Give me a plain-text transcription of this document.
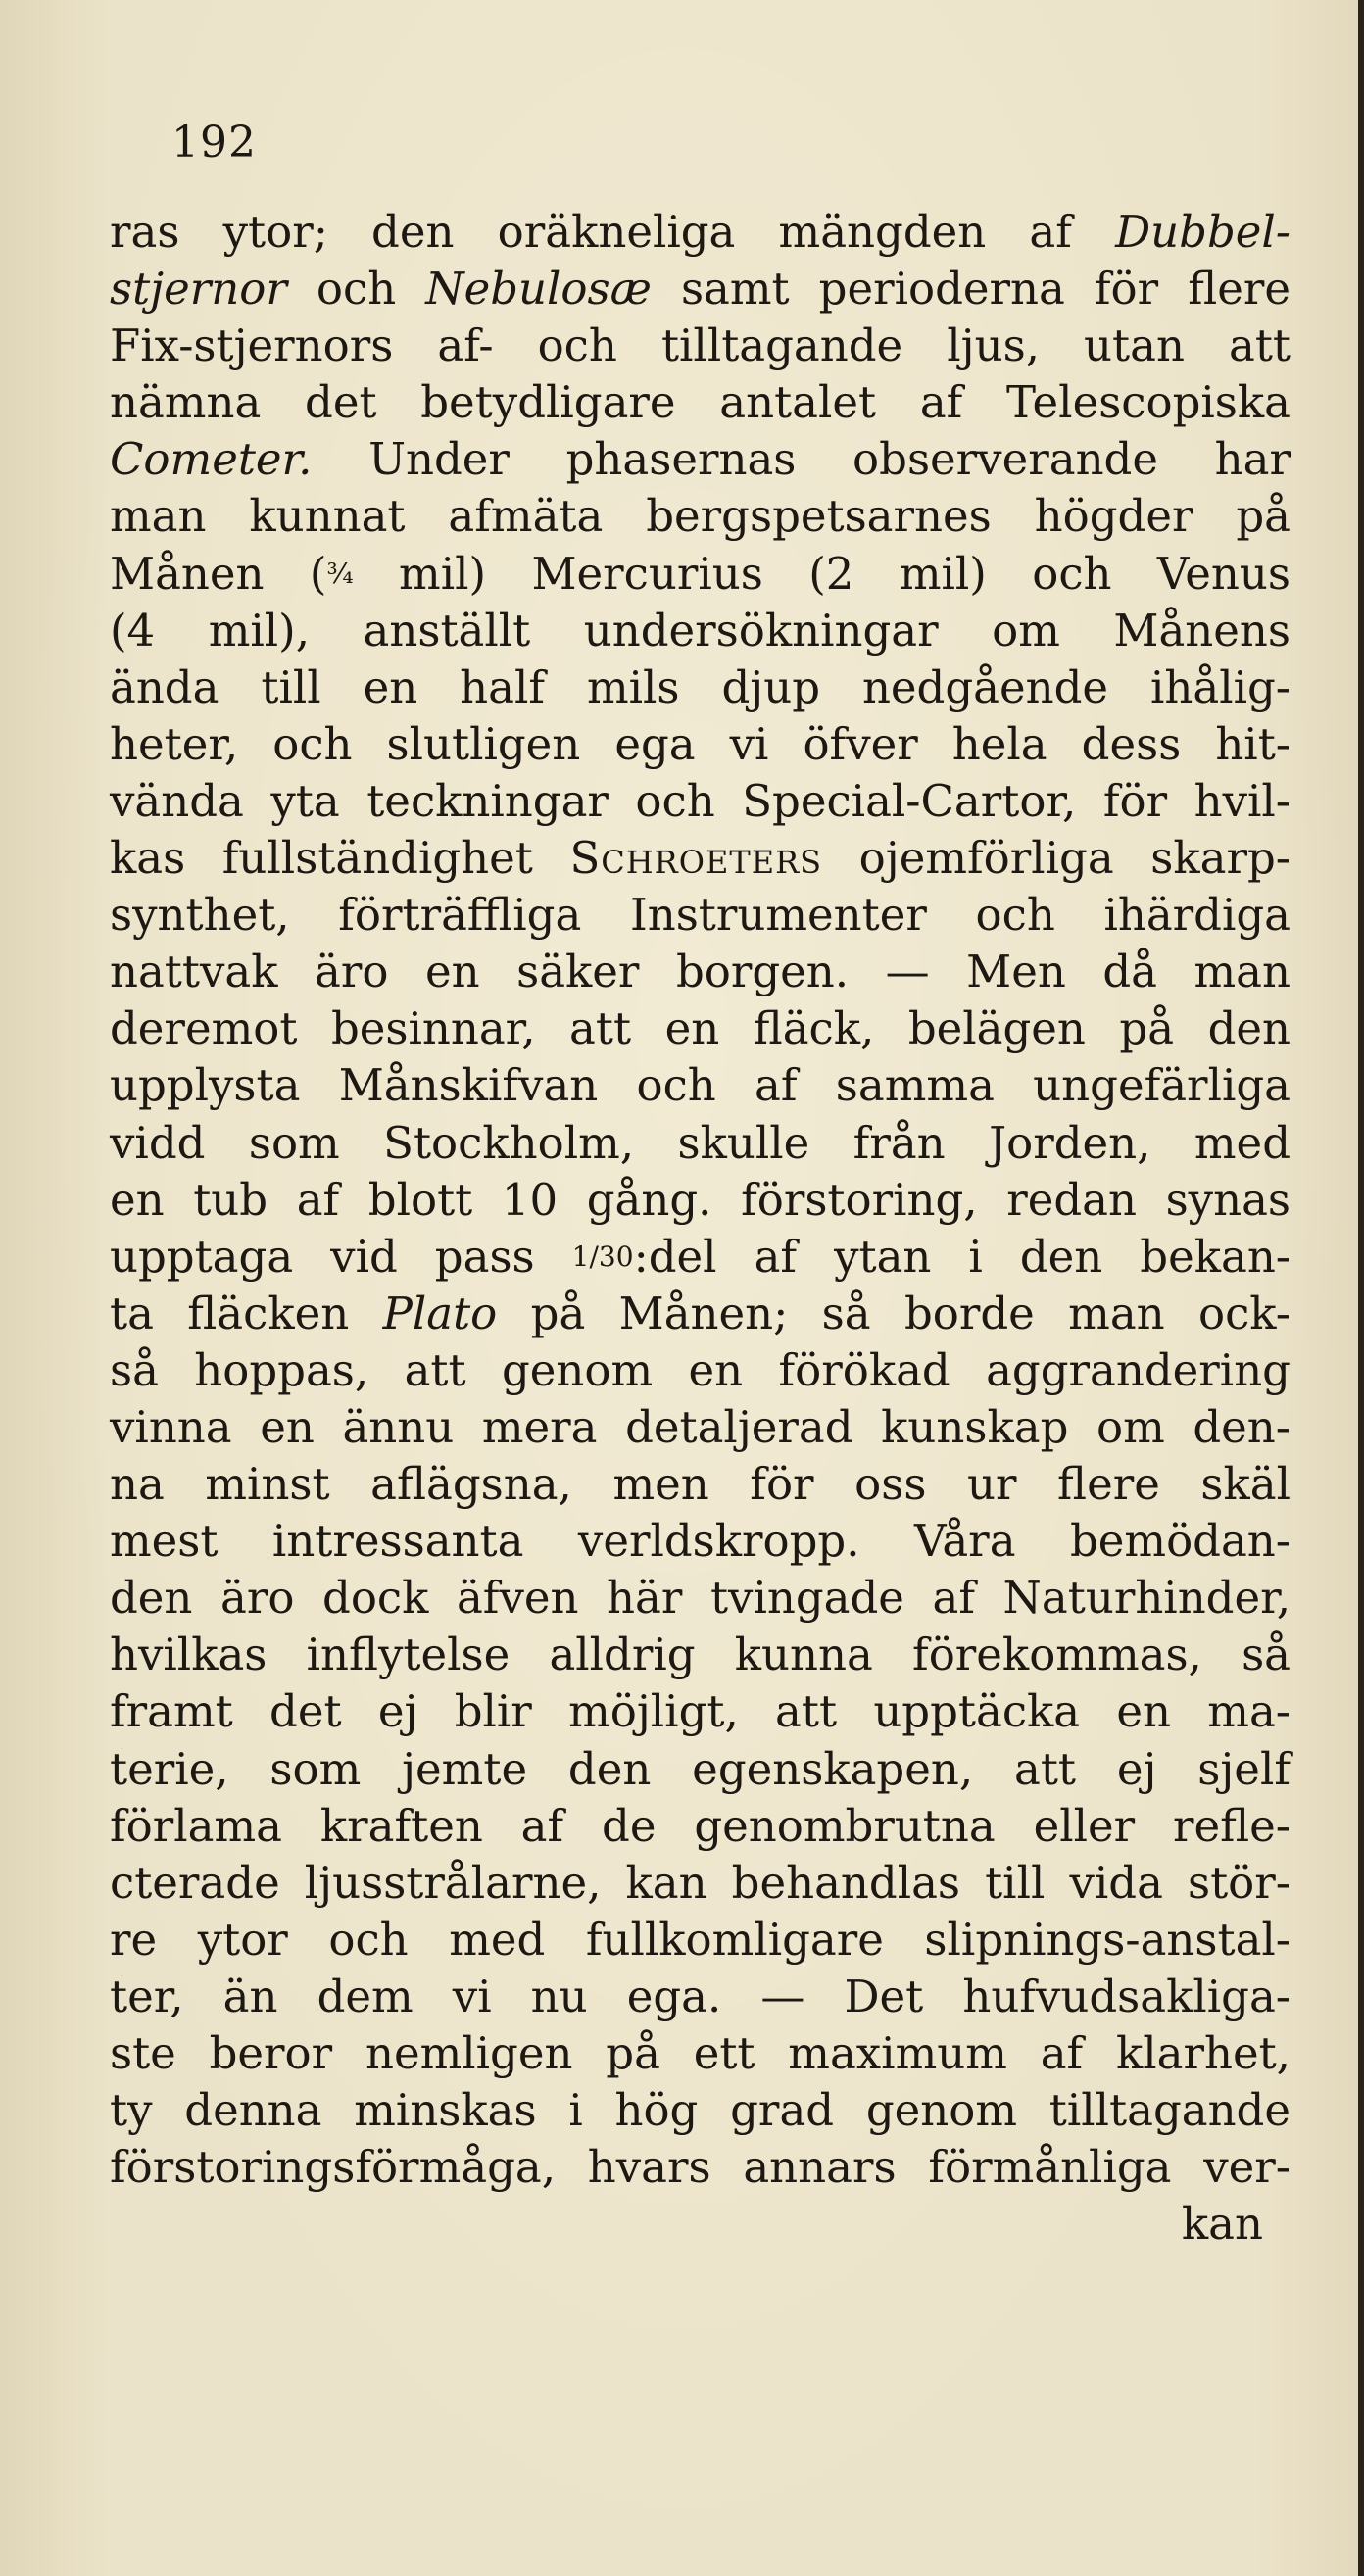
192
ras ytor; den oräkneliga mängden af Dubbel-
stjernor och Nebulosæ samt perioderna för flere
Fix-stjernors af- och tilltagande ljus, utan att
nämna det betydligare antalet af Telescopiska
Cometer. Under phasernas observerande har
man kunnat afmäta bergspetsarnes högder på
Månen (¾ mil) Mercurius (2 mil) och Venus
(4 mil), anställt undersökningar om Månens
ända till en half mils djup nedgående ihålig-
heter, och slutligen ega vi öfver hela dess hit-
vända yta teckningar och Special-Cartor, för hvil-
kas fullständighet Schroeters ojemförliga skarp-
synthet, förträffliga Instrumenter och ihärdiga
nattvak äro en säker borgen. — Men då man
deremot besinnar, att en fläck, belägen på den
upplysta Månskifvan och af samma ungefärliga
vidd som Stockholm, skulle från Jorden, med
en tub af blott 10 gång. förstoring, redan synas
upptaga vid pass 1/30:del af ytan i den bekan-
ta fläcken Plato på Månen; så borde man ock-
så hoppas, att genom en förökad aggrandering
vinna en ännu mera detaljerad kunskap om den-
na minst aflägsna, men för oss ur flere skäl
mest intressanta verldskropp. Våra bemödan-
den äro dock äfven här tvingade af Naturhinder,
hvilkas inflytelse alldrig kunna förekommas, så
framt det ej blir möjligt, att upptäcka en ma-
terie, som jemte den egenskapen, att ej sjelf
förlama kraften af de genombrutna eller refle-
cterade ljusstrålarne, kan behandlas till vida stör-
re ytor och med fullkomligare slipnings-anstal-
ter, än dem vi nu ega. — Det hufvudsakliga-
ste beror nemligen på ett maximum af klarhet,
ty denna minskas i hög grad genom tilltagande
förstoringsförmåga, hvars annars förmånliga ver-
kan
